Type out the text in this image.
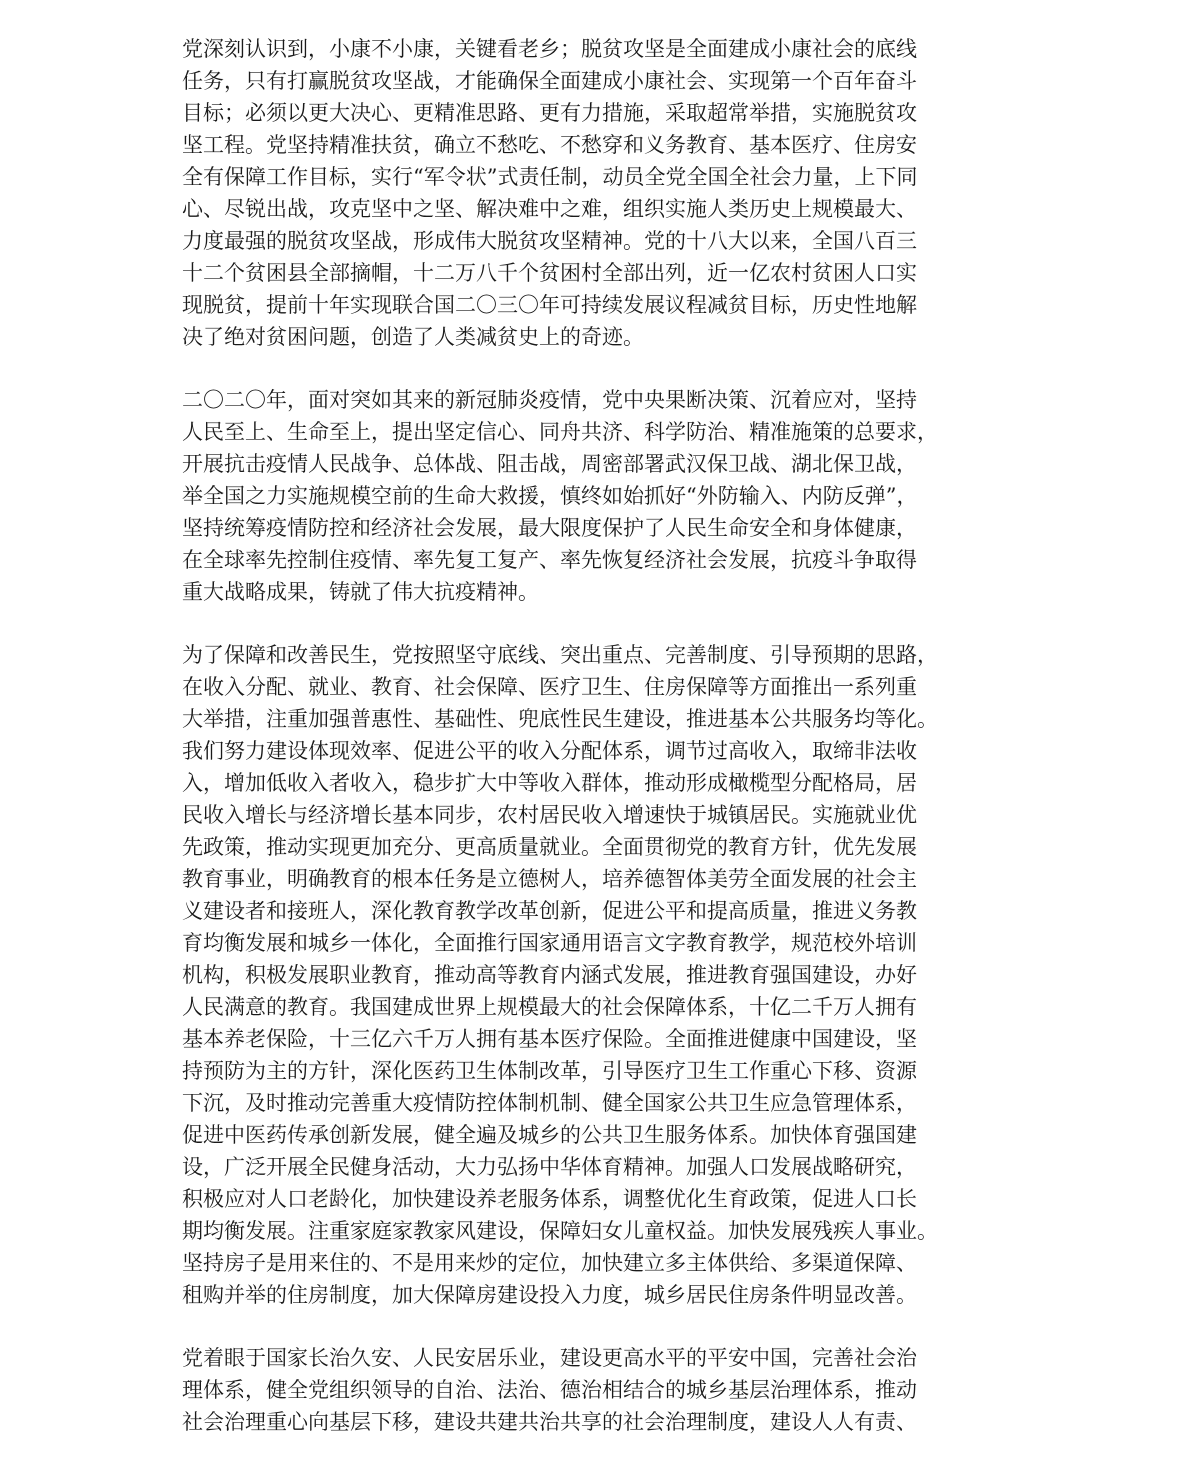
党深刻认识到，小康不小康，关键看老乡；脱贫攻坚是全面建成小康社会的底线
任务，只有打赢脱贫攻坚战，才能确保全面建成小康社会、实现第一个百年奋斗
目标；必须以更大决心、更精准思路、更有力措施，采取超常举措，实施脱贫攻
坚工程。党坚持精准扶贫，确立不愁吃、不愁穿和义务教育、基本医疗、住房安
全有保障工作目标，实行“军令状”式责任制，动员全党全国全社会力量，上下同
心、尽锐出战，攻克坚中之坚、解决难中之难，组织实施人类历史上规模最大、
力度最强的脱贫攻坚战，形成伟大脱贫攻坚精神。党的十八大以来，全国八百三
十二个贫困县全部摘帽，十二万八千个贫困村全部出列，近一亿农村贫困人口实
现脱贫，提前十年实现联合国二〇三〇年可持续发展议程减贫目标，历史性地解
决了绝对贫困问题，创造了人类减贫史上的奇迹。
二〇二〇年，面对突如其来的新冠肺炎疫情，党中央果断决策、沉着应对，坚持
人民至上、生命至上，提出坚定信心、同舟共济、科学防治、精准施策的总要求，
开展抗击疫情人民战争、总体战、阻击战，周密部署武汉保卫战、湖北保卫战，
举全国之力实施规模空前的生命大救援，慎终如始抓好“外防输入、内防反弹”，
坚持统筹疫情防控和经济社会发展，最大限度保护了人民生命安全和身体健康，
在全球率先控制住疫情、率先复工复产、率先恢复经济社会发展，抗疫斗争取得
重大战略成果，铸就了伟大抗疫精神。
为了保障和改善民生，党按照坚守底线、突出重点、完善制度、引导预期的思路，
在收入分配、就业、教育、社会保障、医疗卫生、住房保障等方面推出一系列重
大举措，注重加强普惠性、基础性、兜底性民生建设，推进基本公共服务均等化。
我们努力建设体现效率、促进公平的收入分配体系，调节过高收入，取缔非法收
入，增加低收入者收入，稳步扩大中等收入群体，推动形成橄榄型分配格局，居
民收入增长与经济增长基本同步，农村居民收入增速快于城镇居民。实施就业优
先政策，推动实现更加充分、更高质量就业。全面贯彻党的教育方针，优先发展
教育事业，明确教育的根本任务是立德树人，培养德智体美劳全面发展的社会主
义建设者和接班人，深化教育教学改革创新，促进公平和提高质量，推进义务教
育均衡发展和城乡一体化，全面推行国家通用语言文字教育教学，规范校外培训
机构，积极发展职业教育，推动高等教育内涵式发展，推进教育强国建设，办好
人民满意的教育。我国建成世界上规模最大的社会保障体系，十亿二千万人拥有
基本养老保险，十三亿六千万人拥有基本医疗保险。全面推进健康中国建设，坚
持预防为主的方针，深化医药卫生体制改革，引导医疗卫生工作重心下移、资源
下沉，及时推动完善重大疫情防控体制机制、健全国家公共卫生应急管理体系，
促进中医药传承创新发展，健全遍及城乡的公共卫生服务体系。加快体育强国建
设，广泛开展全民健身活动，大力弘扬中华体育精神。加强人口发展战略研究，
积极应对人口老龄化，加快建设养老服务体系，调整优化生育政策，促进人口长
期均衡发展。注重家庭家教家风建设，保障妇女儿童权益。加快发展残疾人事业。
坚持房子是用来住的、不是用来炒的定位，加快建立多主体供给、多渠道保障、
租购并举的住房制度，加大保障房建设投入力度，城乡居民住房条件明显改善。
党着眼于国家长治久安、人民安居乐业，建设更高水平的平安中国，完善社会治
理体系，健全党组织领导的自治、法治、德治相结合的城乡基层治理体系，推动
社会治理重心向基层下移，建设共建共治共享的社会治理制度，建设人人有责、
